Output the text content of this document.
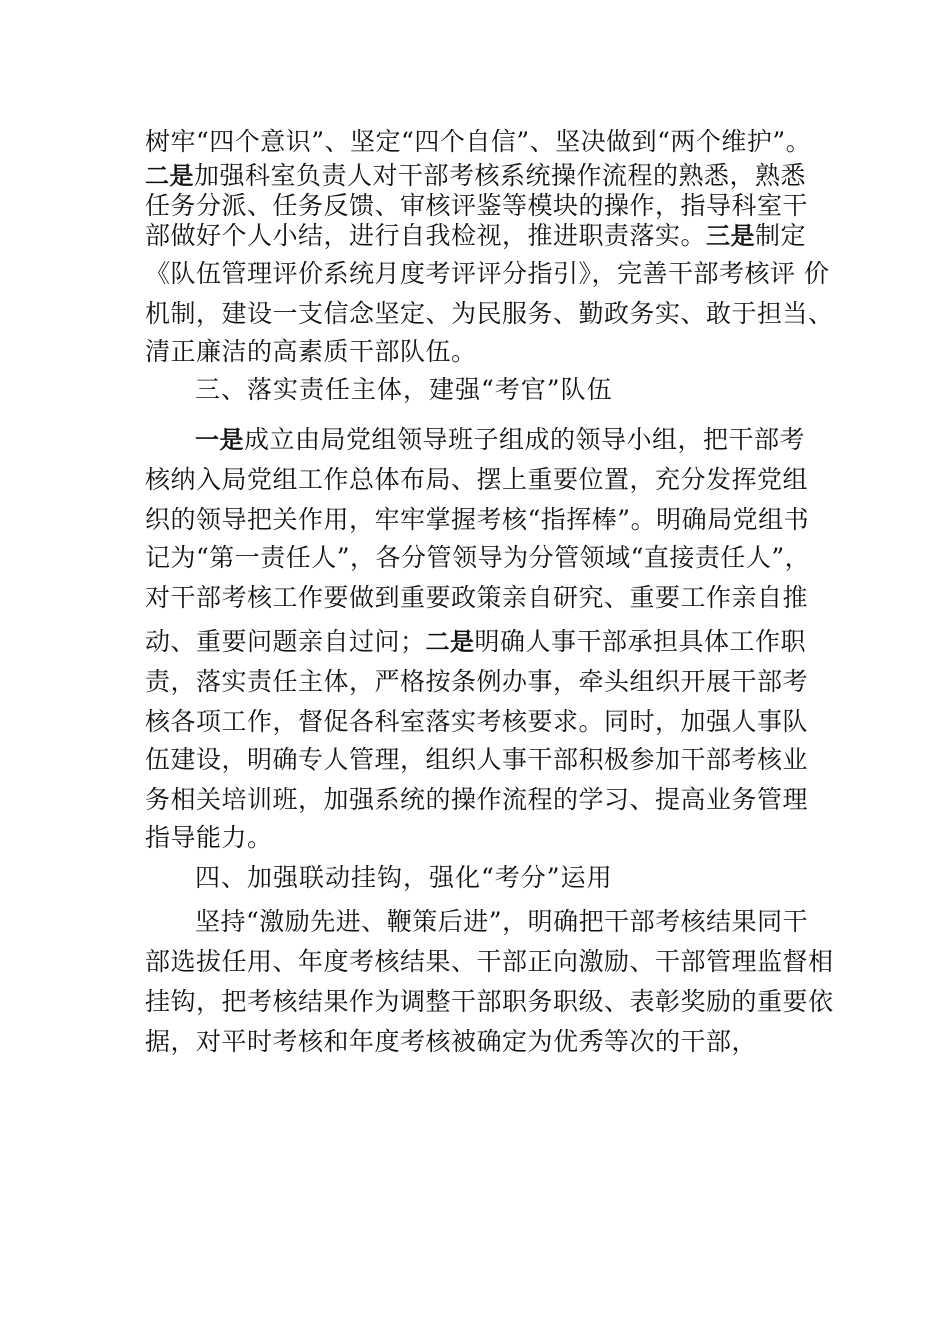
树牢“四个意识”、坚定“四个自信”、坚决做到“两个维护”。
二是加强科室负责人对干部考核系统操作流程的熟悉，熟悉
任务分派、任务反馈、审核评鉴等模块的操作，指导科室干
部做好个人小结，进行自我检视，推进职责落实。三是制定
《队伍管理评价系统月度考评评分指引》，完善干部考核评 价
机制，建设一支信念坚定、为民服务、勤政务实、敢于担当、
清正廉洁的高素质干部队伍。
三、落实责任主体，建强“考官”队伍
一是成立由局党组领导班子组成的领导小组，把干部考
核纳入局党组工作总体布局、摆上重要位置，充分发挥党组
织的领导把关作用，牢牢掌握考核“指挥棒”。明确局党组书
记为“第一责任人”，各分管领导为分管领域“直接责任人”，
对干部考核工作要做到重要政策亲自研究、重要工作亲自推
动、重要问题亲自过问；二是明确人事干部承担具体工作职
责，落实责任主体，严格按条例办事，牵头组织开展干部考
核各项工作，督促各科室落实考核要求。同时，加强人事队
伍建设，明确专人管理，组织人事干部积极参加干部考核业
务相关培训班，加强系统的操作流程的学习、提高业务管理
指导能力。
四、加强联动挂钩，强化“考分”运用
坚持“激励先进、鞭策后进”，明确把干部考核结果同干
部选拔任用、年度考核结果、干部正向激励、干部管理监督相
挂钩，把考核结果作为调整干部职务职级、表彰奖励的重要依
据，对平时考核和年度考核被确定为优秀等次的干部，
